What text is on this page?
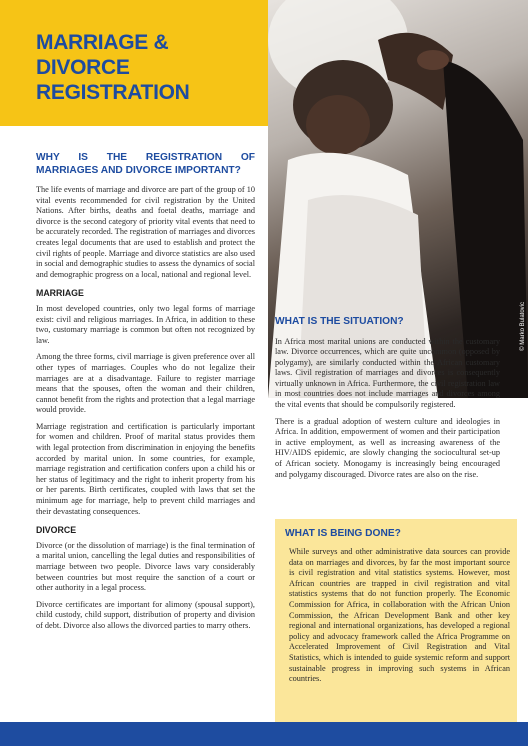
MARRIAGE & DIVORCE
REGISTRATION
© Marko Bulatovic
WHY IS THE REGISTRATION OF MARRIAGES AND DIVORCE IMPORTANT?

The life events of marriage and divorce are part of the group of 10 vital events recommended for civil registration by the United Nations. After births, deaths and foetal deaths, marriage and divorce is the second category of priority vital events that need to be accurately recorded. The registration of marriages and divorces creates legal documents that are used to establish and protect the civil rights of people. Marriage and divorce statistics are also used in social and demographic studies to assess the dynamics of social and demographic progress on a local, national and regional level.

MARRIAGE

In most developed countries, only two legal forms of marriage exist: civil and religious marriages. In Africa, in addition to these two, customary marriage is common but often not recognized by law.

Among the three forms, civil marriage is given preference over all other types of marriages. Couples who do not legalize their marriages are at a disadvantage. Failure to register marriage means that the spouses, often the woman and their children, cannot benefit from the rights and protection that a legal marriage would provide.

Marriage registration and certification is particularly important for women and children. Proof of marital status provides them with legal protection from discrimination in enjoying the benefits accorded by marital union. In some countries, for example, marriage registration and certification confers upon a child his or her status of legitimacy and the right to inherit property from his or her parents. Birth certificates, coupled with laws that set the minimum age for marriage, help to prevent child marriages and their devastating consequences.

DIVORCE

Divorce (or the dissolution of marriage) is the final termination of a marital union, cancelling the legal duties and responsibilities of marriage between two people. Divorce laws vary considerably between countries but most require the sanction of a court or other authority in a legal process.

Divorce certificates are important for alimony (spousal support), child custody, child support, distribution of property and division of debt. Divorce also allows the divorced parties to marry others.

WHAT IS THE SITUATION?

In Africa most marital unions are conducted within the customary law. Divorce occurrences, which are quite uncommon (opposed by polygamy), are similarly conducted within the African customary laws. Civil registration of marriages and divorces is consequently virtually unknown in Africa. Furthermore, the civil registration law in most countries does not include marriages and divorces among the vital events that should be compulsorily registered.

There is a gradual adoption of western culture and ideologies in Africa. In addition, empowerment of women and their participation in active employment, as well as increasing awareness of the HIV/AIDS epidemic, are slowly changing the sociocultural set-up of African society. Monogamy is increasingly being encouraged and polygamy discouraged. Divorce rates are also on the rise.

WHAT IS BEING DONE?

While surveys and other administrative data sources can provide data on marriages and divorces, by far the most important source is civil registration and vital statistics systems. However, most African countries are trapped in civil registration and vital statistics systems that do not function properly. The Economic Commission for Africa, in collaboration with the African Union Commission, the African Development Bank and other key regional and international organizations, has developed a regional policy and advocacy framework called the Africa Programme on Accelerated Improvement of Civil Registration and Vital Statistics, which is intended to guide systemic reform and support sustainable progress in improving such systems in African countries.
